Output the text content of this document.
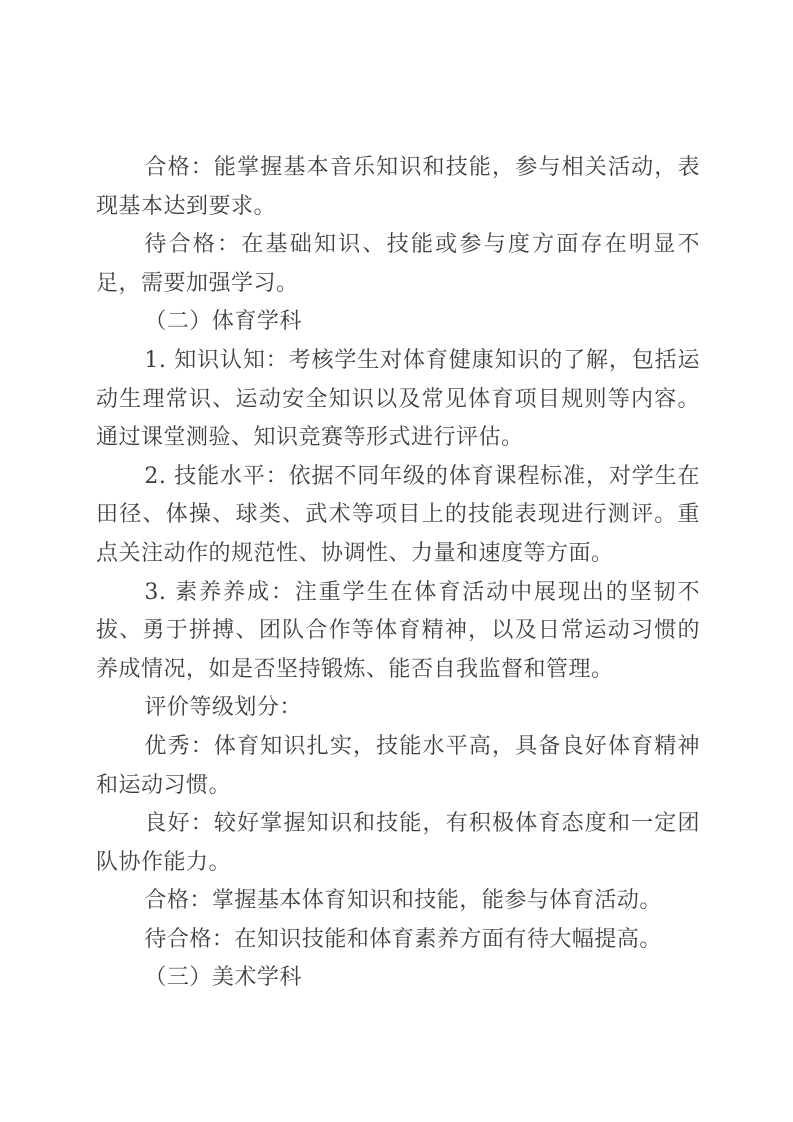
合格：能掌握基本音乐知识和技能，参与相关活动，表现基本达到要求。

待合格：在基础知识、技能或参与度方面存在明显不足，需要加强学习。

（二）体育学科

1. 知识认知：考核学生对体育健康知识的了解，包括运动生理常识、运动安全知识以及常见体育项目规则等内容。通过课堂测验、知识竞赛等形式进行评估。

2. 技能水平：依据不同年级的体育课程标准，对学生在田径、体操、球类、武术等项目上的技能表现进行测评。重点关注动作的规范性、协调性、力量和速度等方面。

3. 素养养成：注重学生在体育活动中展现出的坚韧不拔、勇于拼搏、团队合作等体育精神，以及日常运动习惯的养成情况，如是否坚持锻炼、能否自我监督和管理。

评价等级划分：

优秀：体育知识扎实，技能水平高，具备良好体育精神和运动习惯。

良好：较好掌握知识和技能，有积极体育态度和一定团队协作能力。

合格：掌握基本体育知识和技能，能参与体育活动。

待合格：在知识技能和体育素养方面有待大幅提高。

（三）美术学科
